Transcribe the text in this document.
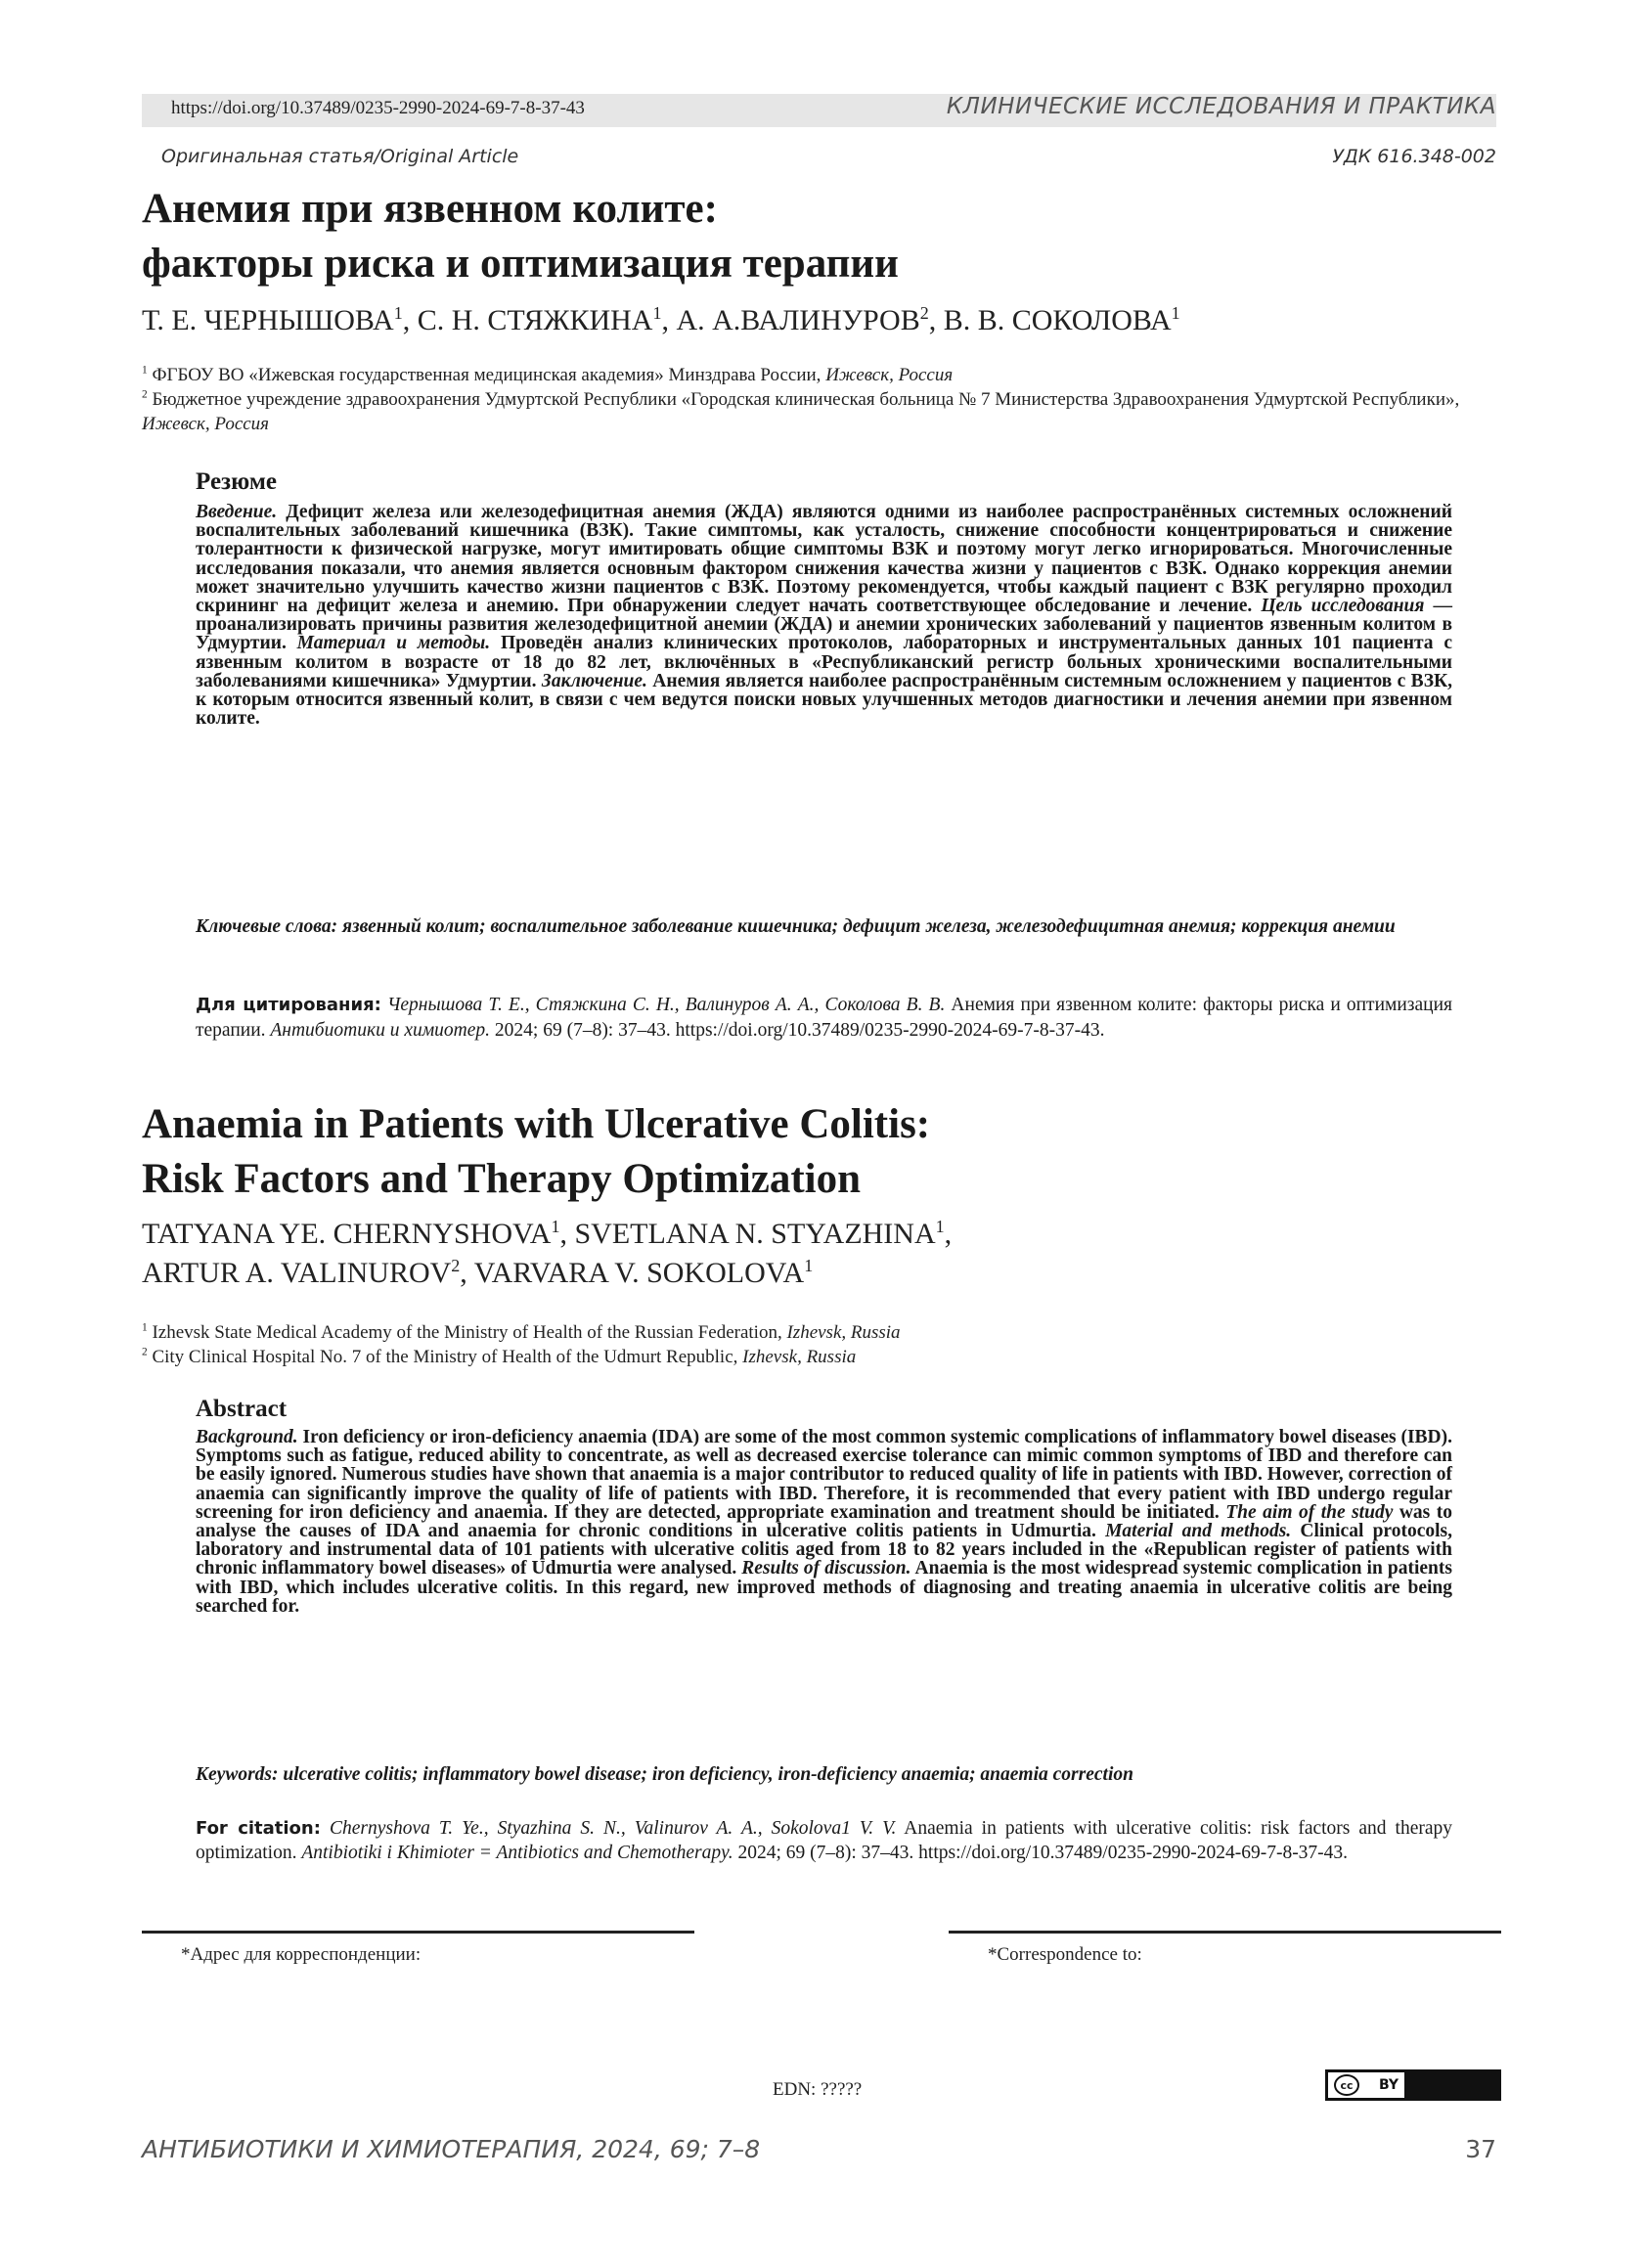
https://doi.org/10.37489/0235-2990-2024-69-7-8-37-43	КЛИНИЧЕСКИЕ ИССЛЕДОВАНИЯ И ПРАКТИКА
Оригинальная статья/Original Article	УДК 616.348-002
Анемия при язвенном колите:
факторы риска и оптимизация терапии
Т. Е. ЧЕРНЫШОВА$^1$, С. Н. СТЯЖКИНА$^1$, А. А.ВАЛИНУРОВ$^2$, В. В. СОКОЛОВА$^1$
$^1$ ФГБОУ ВО «Ижевская государственная медицинская академия» Минздрава России, Ижевск, Россия
$^2$ Бюджетное учреждение здравоохранения Удмуртской Республики «Городская клиническая больница № 7 Министерства Здравоохранения Удмуртской Республики», Ижевск, Россия
Резюме
Введение. Дефицит железа или железодефицитная анемия (ЖДА) являются одними из наиболее распространённых системных осложнений воспалительных заболеваний кишечника (ВЗК). Такие симптомы, как усталость, снижение способности концентрироваться и снижение толерантности к физической нагрузке, могут имитировать общие симптомы ВЗК и поэтому могут легко игнорироваться. Многочисленные исследования показали, что анемия является основным фактором снижения качества жизни у пациентов с ВЗК. Однако коррекция анемии может значительно улучшить качество жизни пациентов с ВЗК. Поэтому рекомендуется, чтобы каждый пациент с ВЗК регулярно проходил скрининг на дефицит железа и анемию. При обнаружении следует начать соответствующее обследование и лечение. Цель исследования — проанализировать причины развития железодефицитной анемии (ЖДА) и анемии хронических заболеваний у пациентов язвенным колитом в Удмуртии. Материал и методы. Проведён анализ клинических протоколов, лабораторных и инструментальных данных 101 пациента с язвенным колитом в возрасте от 18 до 82 лет, включённых в «Республиканский регистр больных хроническими воспалительными заболеваниями кишечника» Удмуртии. Заключение. Анемия является наиболее распространённым системным осложнением у пациентов с ВЗК, к которым относится язвенный колит, в связи с чем ведутся поиски новых улучшенных методов диагностики и лечения анемии при язвенном колите.
Ключевые слова: язвенный колит; воспалительное заболевание кишечника; дефицит железа, железодефицитная анемия; коррекция анемии
Для цитирования: Чернышова Т. Е., Стяжкина С. Н., Валинуров А. А., Соколова В. В. Анемия при язвенном колите: факторы риска и оптимизация терапии. Антибиотики и химиотер. 2024; 69 (7–8): 37–43. https://doi.org/10.37489/0235-2990-2024-69-7-8-37-43.
Anaemia in Patients with Ulcerative Colitis:
Risk Factors and Therapy Optimization
TATYANA YE. CHERNYSHOVA$^1$, SVETLANA N. STYAZHINA$^1$,
ARTUR A. VALINUROV$^2$, VARVARA V. SOKOLOVA$^1$
$^1$ Izhevsk State Medical Academy of the Ministry of Health of the Russian Federation, Izhevsk, Russia
$^2$ City Clinical Hospital No. 7 of the Ministry of Health of the Udmurt Republic, Izhevsk, Russia
Abstract
Background. Iron deficiency or iron-deficiency anaemia (IDA) are some of the most common systemic complications of inflammatory bowel diseases (IBD). Symptoms such as fatigue, reduced ability to concentrate, as well as decreased exercise tolerance can mimic common symptoms of IBD and therefore can be easily ignored. Numerous studies have shown that anaemia is a major contributor to reduced quality of life in patients with IBD. However, correction of anaemia can significantly improve the quality of life of patients with IBD. Therefore, it is recommended that every patient with IBD undergo regular screening for iron deficiency and anaemia. If they are detected, appropriate examination and treatment should be initiated. The aim of the study was to analyse the causes of IDA and anaemia for chronic conditions in ulcerative colitis patients in Udmurtia. Material and methods. Clinical protocols, laboratory and instrumental data of 101 patients with ulcerative colitis aged from 18 to 82 years included in the «Republican register of patients with chronic inflammatory bowel diseases» of Udmurtia were analysed. Results of discussion. Anaemia is the most widespread systemic complication in patients with IBD, which includes ulcerative colitis. In this regard, new improved methods of diagnosing and treating anaemia in ulcerative colitis are being searched for.
Keywords: ulcerative colitis; inflammatory bowel disease; iron deficiency, iron-deficiency anaemia; anaemia correction
For citation: Chernyshova T. Ye., Styazhina S. N., Valinurov A. A., Sokolova1 V. V. Anaemia in patients with ulcerative colitis: risk factors and therapy optimization. Antibiotiki i Khimioter = Antibiotics and Chemotherapy. 2024; 69 (7–8): 37–43. https://doi.org/10.37489/0235-2990-2024-69-7-8-37-43.
*Адрес для корреспонденции:	*Correspondence to:
EDN: ?????	cc	BY
АНТИБИОТИКИ И ХИМИОТЕРАПИЯ, 2024, 69; 7–8	37
